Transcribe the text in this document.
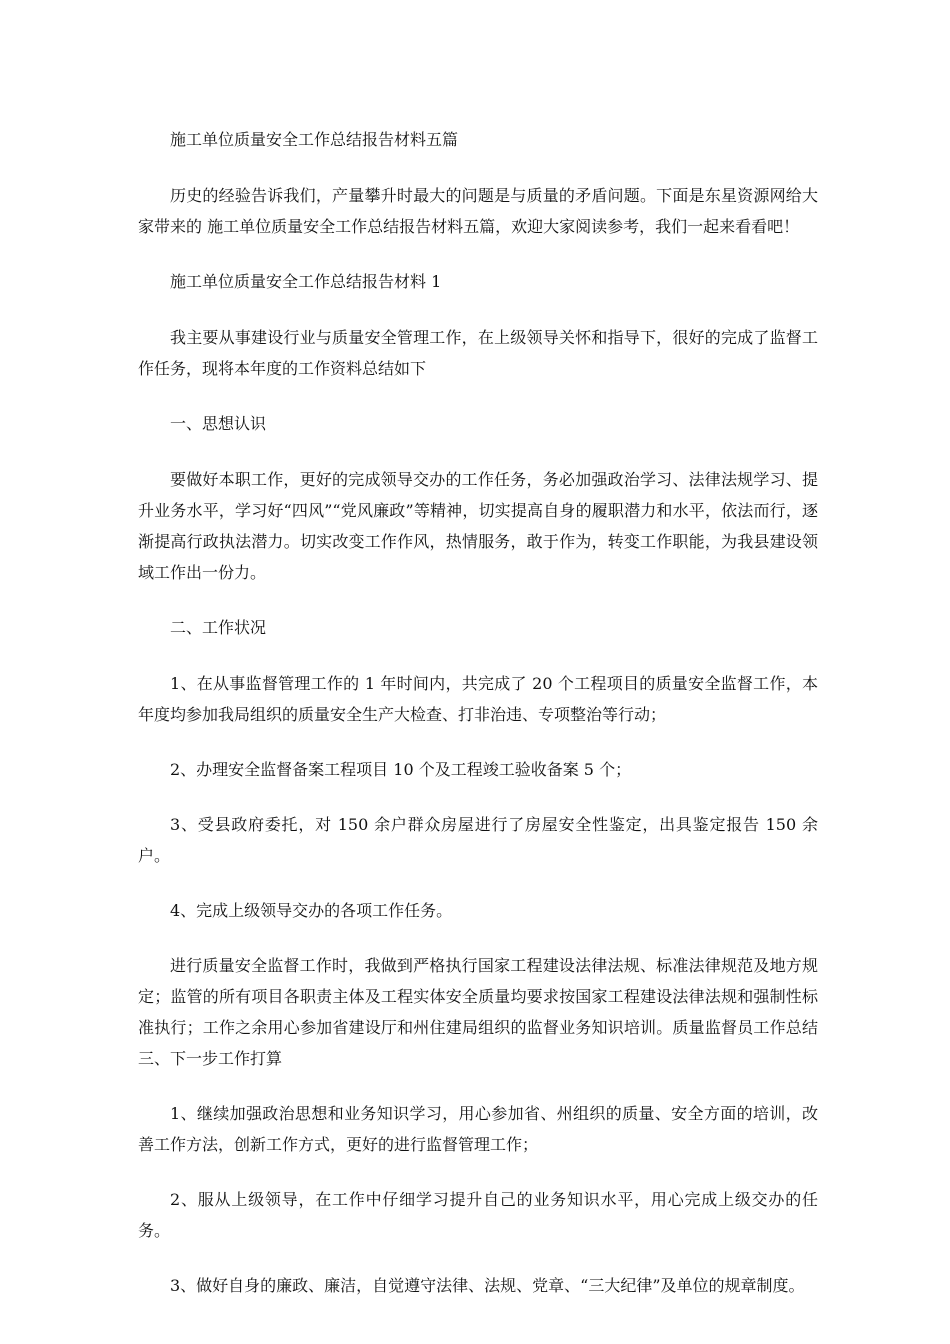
施工单位质量安全工作总结报告材料五篇

历史的经验告诉我们，产量攀升时最大的问题是与质量的矛盾问题。下面是东星资源网给大家带来的 施工单位质量安全工作总结报告材料五篇，欢迎大家阅读参考，我们一起来看看吧！

施工单位质量安全工作总结报告材料 1

我主要从事建设行业与质量安全管理工作，在上级领导关怀和指导下，很好的完成了监督工作任务，现将本年度的工作资料总结如下

一、思想认识

要做好本职工作，更好的完成领导交办的工作任务，务必加强政治学习、法律法规学习、提升业务水平，学习好“四风”“党风廉政”等精神，切实提高自身的履职潜力和水平，依法而行，逐渐提高行政执法潜力。切实改变工作作风，热情服务，敢于作为，转变工作职能，为我县建设领域工作出一份力。

二、工作状况

1、在从事监督管理工作的 1 年时间内，共完成了 20 个工程项目的质量安全监督工作，本年度均参加我局组织的质量安全生产大检查、打非治违、专项整治等行动；

2、办理安全监督备案工程项目 10 个及工程竣工验收备案 5 个；

3、受县政府委托，对 150 余户群众房屋进行了房屋安全性鉴定，出具鉴定报告 150 余户。

4、完成上级领导交办的各项工作任务。

进行质量安全监督工作时，我做到严格执行国家工程建设法律法规、标准法律规范及地方规定；监管的所有项目各职责主体及工程实体安全质量均要求按国家工程建设法律法规和强制性标准执行；工作之余用心参加省建设厅和州住建局组织的监督业务知识培训。质量监督员工作总结三、下一步工作打算

1、继续加强政治思想和业务知识学习，用心参加省、州组织的质量、安全方面的培训，改善工作方法，创新工作方式，更好的进行监督管理工作；

2、服从上级领导，在工作中仔细学习提升自己的业务知识水平，用心完成上级交办的任务。

3、做好自身的廉政、廉洁，自觉遵守法律、法规、党章、“三大纪律”及单位的规章制度。
